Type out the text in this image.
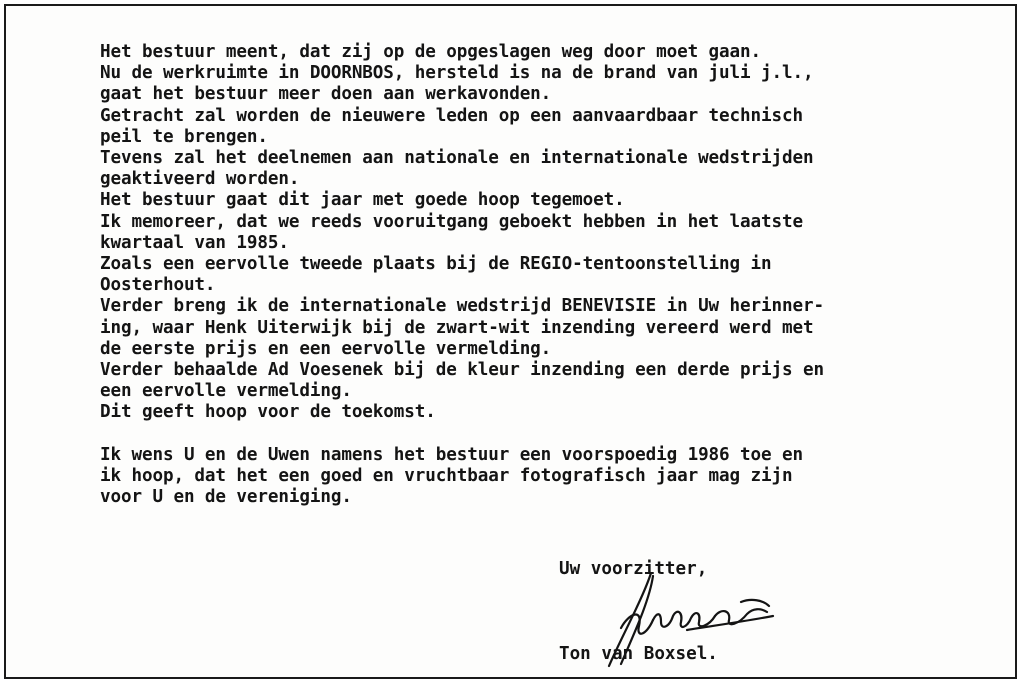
Het bestuur meent, dat zij op de opgeslagen weg door moet gaan.
Nu de werkruimte in DOORNBOS, hersteld is na de brand van juli j.l.,
gaat het bestuur meer doen aan werkavonden.
Getracht zal worden de nieuwere leden op een aanvaardbaar technisch
peil te brengen.
Tevens zal het deelnemen aan nationale en internationale wedstrijden
geaktiveerd worden.
Het bestuur gaat dit jaar met goede hoop tegemoet.
Ik memoreer, dat we reeds vooruitgang geboekt hebben in het laatste
kwartaal van 1985.
Zoals een eervolle tweede plaats bij de REGIO-tentoonstelling in
Oosterhout.
Verder breng ik de internationale wedstrijd BENEVISIE in Uw herinner-
ing, waar Henk Uiterwijk bij de zwart-wit inzending vereerd werd met
de eerste prijs en een eervolle vermelding.
Verder behaalde Ad Voesenek bij de kleur inzending een derde prijs en
een eervolle vermelding.
Dit geeft hoop voor de toekomst.
Ik wens U en de Uwen namens het bestuur een voorspoedig 1986 toe en
ik hoop, dat het een goed en vruchtbaar fotografisch jaar mag zijn
voor U en de vereniging.
Uw voorzitter,
Ton van Boxsel.
